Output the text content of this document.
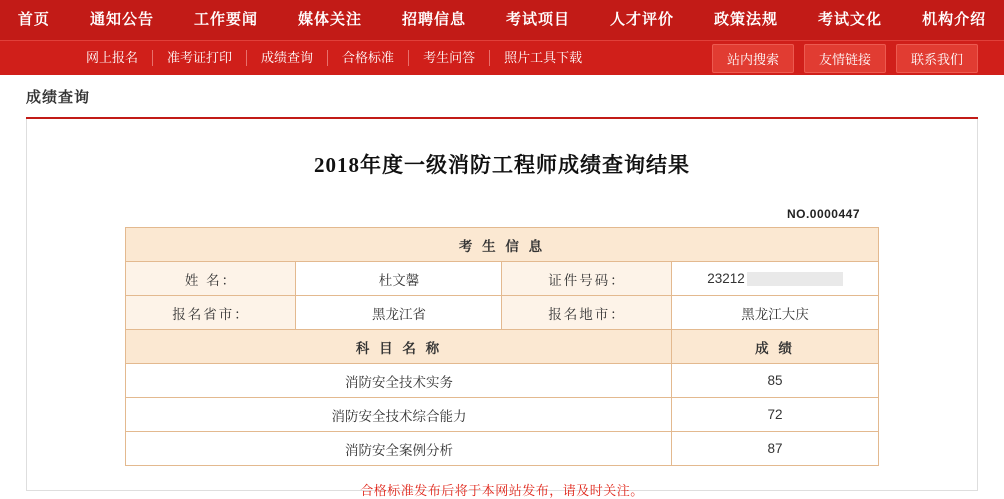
首页	通知公告	工作要闻	媒体关注	招聘信息	考试项目	人才评价	政策法规	考试文化	机构介绍
网上报名	准考证打印	成绩查询	合格标准	考生问答	照片工具下载	站内搜索	友情链接	联系我们
成绩查询
2018年度一级消防工程师成绩查询结果
NO.0000447
考 生 信 息			
姓 名：	杜文馨	证件号码：	23212
报名省市：	黑龙江省	报名地市：	黑龙江大庆
科 目 名 称			成 绩
消防安全技术实务			85
消防安全技术综合能力			72
消防安全案例分析			87
合格标准发布后将于本网站发布，请及时关注。
